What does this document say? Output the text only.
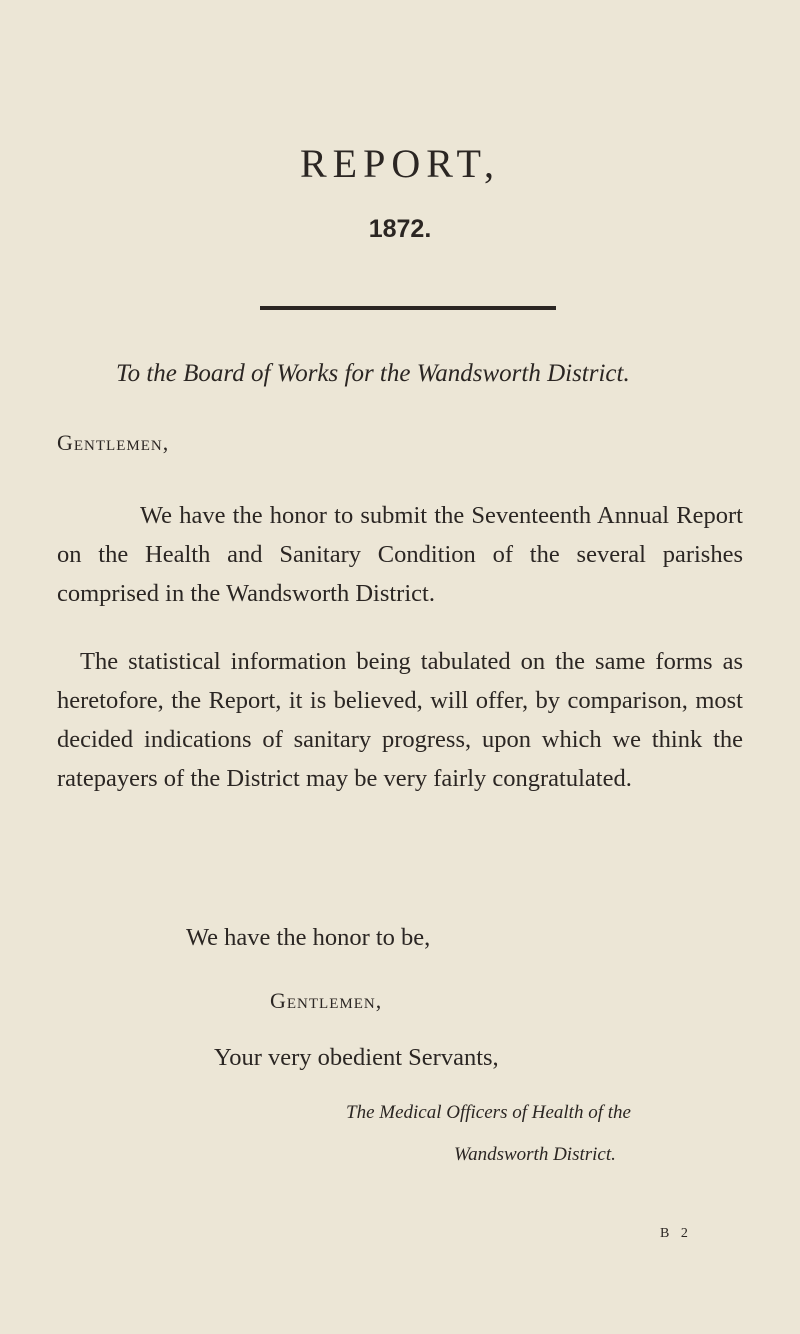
REPORT,
1872.
To the Board of Works for the Wandsworth District.
Gentlemen,
We have the honor to submit the Seventeenth Annual Report on the Health and Sanitary Condition of the several parishes comprised in the Wandsworth District.
The statistical information being tabulated on the same forms as heretofore, the Report, it is believed, will offer, by comparison, most decided indications of sanitary progress, upon which we think the ratepayers of the District may be very fairly congratulated.
We have the honor to be,
Gentlemen,
Your very obedient Servants,
The Medical Officers of Health of the
Wandsworth District.
B 2
